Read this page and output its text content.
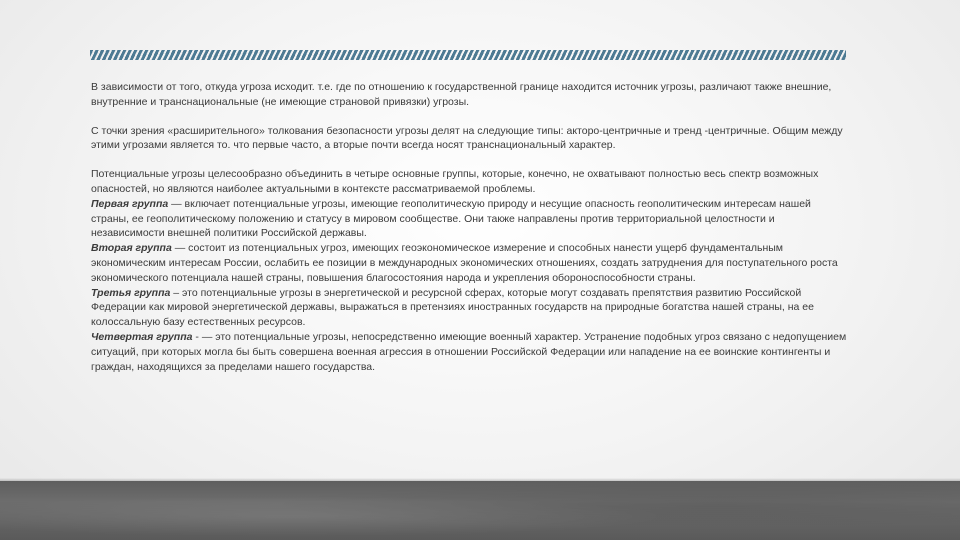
В зависимости от того, откуда угроза исходит. т.е. где по отношению к государственной границе находится источник угрозы, различают также внешние, внутренние и транснациональные (не имеющие страновой привязки) угрозы.

С точки зрения «расширительного» толкования безопасности угрозы делят на следующие типы: акторо-центричные и тренд -центричные. Общим между этими угрозами является то. что первые часто, а вторые почти всегда носят транснациональный характер.

Потенциальные угрозы целесообразно объединить в четыре основные группы, которые, конечно, не охватывают полностью весь спектр возможных опасностей, но являются наиболее актуальными в контексте рассматриваемой проблемы.
Первая группа — включает потенциальные угрозы, имеющие геополитическую природу и несущие опасность геополитическим интересам нашей страны, ее геополитическому положению и статусу в мировом сообществе. Они также направлены против территориальной целостности и независимости внешней политики Российской державы.
Вторая группа — состоит из потенциальных угроз, имеющих геоэкономическое измерение и способных нанести ущерб фундаментальным экономическим интересам России, ослабить ее позиции в международных экономических отношениях, создать затруднения для поступательного роста экономического потенциала нашей страны, повышения благосостояния народа и укрепления обороноспособности страны.
Третья группа – это потенциальные угрозы в энергетической и ресурсной сферах, которые могут создавать препятствия развитию Российской Федерации как мировой энергетической державы, выражаться в претензиях иностранных государств на природные богатства нашей страны, на ее колоссальную базу естественных ресурсов.
Четвертая группа - — это потенциальные угрозы, непосредственно имеющие военный характер. Устранение подобных угроз связано с недопущением ситуаций, при которых могла бы быть совершена военная агрессия в отношении Российской Федерации или нападение на ее воинские контингенты и граждан, находящихся за пределами нашего государства.
